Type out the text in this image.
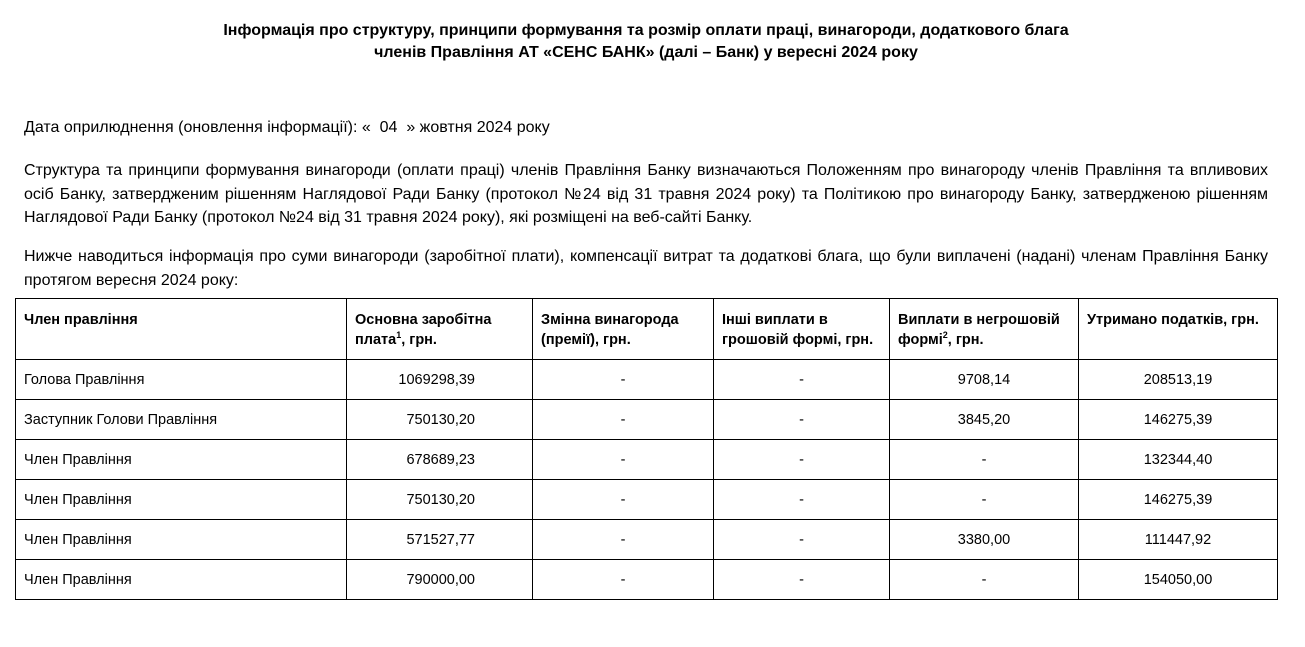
Інформація про структуру, принципи формування та розмір оплати праці, винагороди, додаткового блага
членів Правління АТ «СЕНС БАНК» (далі – Банк) у вересні 2024 року
Дата оприлюднення (оновлення інформації): « 04 » жовтня 2024 року
Структура та принципи формування винагороди (оплати праці) членів Правління Банку визначаються Положенням про винагороду членів Правління та впливових осіб Банку, затвердженим рішенням Наглядової Ради Банку (протокол №24 від 31 травня 2024 року) та Політикою про винагороду Банку, затвердженою рішенням Наглядової Ради Банку (протокол №24 від 31 травня 2024 року), які розміщені на веб-сайті Банку.
Нижче наводиться інформація про суми винагороди (заробітної плати), компенсації витрат та додаткові блага, що були виплачені (надані) членам Правління Банку протягом вересня 2024 року:
Член правління	Основна заробітна плата$^1$, грн.	Змінна винагорода (премії), грн.	Інші виплати в грошовій формі, грн.	Виплати в негрошовій формі$^2$, грн.	Утримано податків, грн.
Голова Правління	1069298,39	-	-	9708,14	208513,19
Заступник Голови Правління	750130,20	-	-	3845,20	146275,39
Член Правління	678689,23	-	-	-	132344,40
Член Правління	750130,20	-	-	-	146275,39
Член Правління	571527,77	-	-	3380,00	111447,92
Член Правління	790000,00	-	-	-	154050,00
